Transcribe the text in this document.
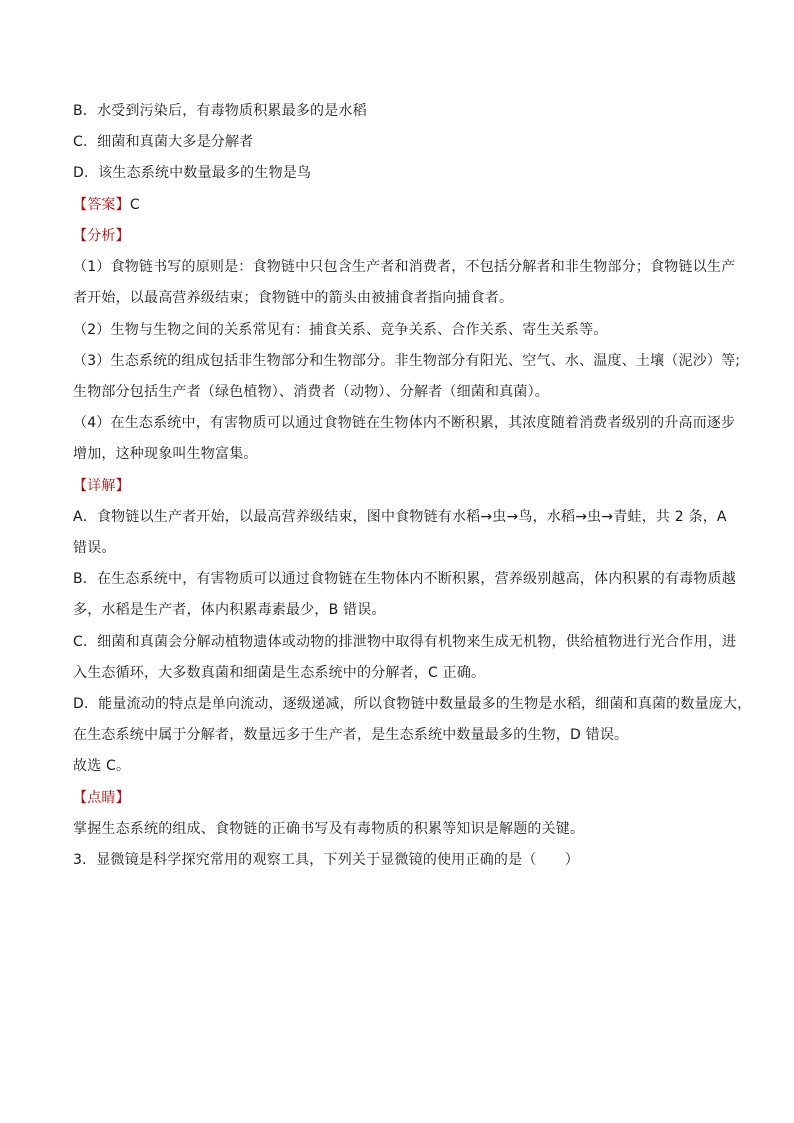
B．水受到污染后，有毒物质积累最多的是水稻
C．细菌和真菌大多是分解者
D．该生态系统中数量最多的生物是鸟
【答案】C
【分析】
（1）食物链书写的原则是：食物链中只包含生产者和消费者，不包括分解者和非生物部分；食物链以生产
者开始，以最高营养级结束；食物链中的箭头由被捕食者指向捕食者。
（2）生物与生物之间的关系常见有：捕食关系、竞争关系、合作关系、寄生关系等。
（3）生态系统的组成包括非生物部分和生物部分。非生物部分有阳光、空气、水、温度、土壤（泥沙）等;
生物部分包括生产者（绿色植物）、消费者（动物）、分解者（细菌和真菌）。
（4）在生态系统中，有害物质可以通过食物链在生物体内不断积累，其浓度随着消费者级别的升高而逐步
增加，这种现象叫生物富集。
【详解】
A．食物链以生产者开始，以最高营养级结束，图中食物链有水稻→虫→鸟，水稻→虫→青蛙，共 2 条，A
错误。
B．在生态系统中，有害物质可以通过食物链在生物体内不断积累，营养级别越高，体内积累的有毒物质越
多，水稻是生产者，体内积累毒素最少，B 错误。
C．细菌和真菌会分解动植物遗体或动物的排泄物中取得有机物来生成无机物，供给植物进行光合作用，进
入生态循环，大多数真菌和细菌是生态系统中的分解者，C 正确。
D．能量流动的特点是单向流动，逐级递减，所以食物链中数量最多的生物是水稻，细菌和真菌的数量庞大，
在生态系统中属于分解者，数量远多于生产者，是生态系统中数量最多的生物，D 错误。
故选 C。
【点睛】
掌握生态系统的组成、食物链的正确书写及有毒物质的积累等知识是解题的关键。
3．显微镜是科学探究常用的观察工具，下列关于显微镜的使用正确的是（　　）
